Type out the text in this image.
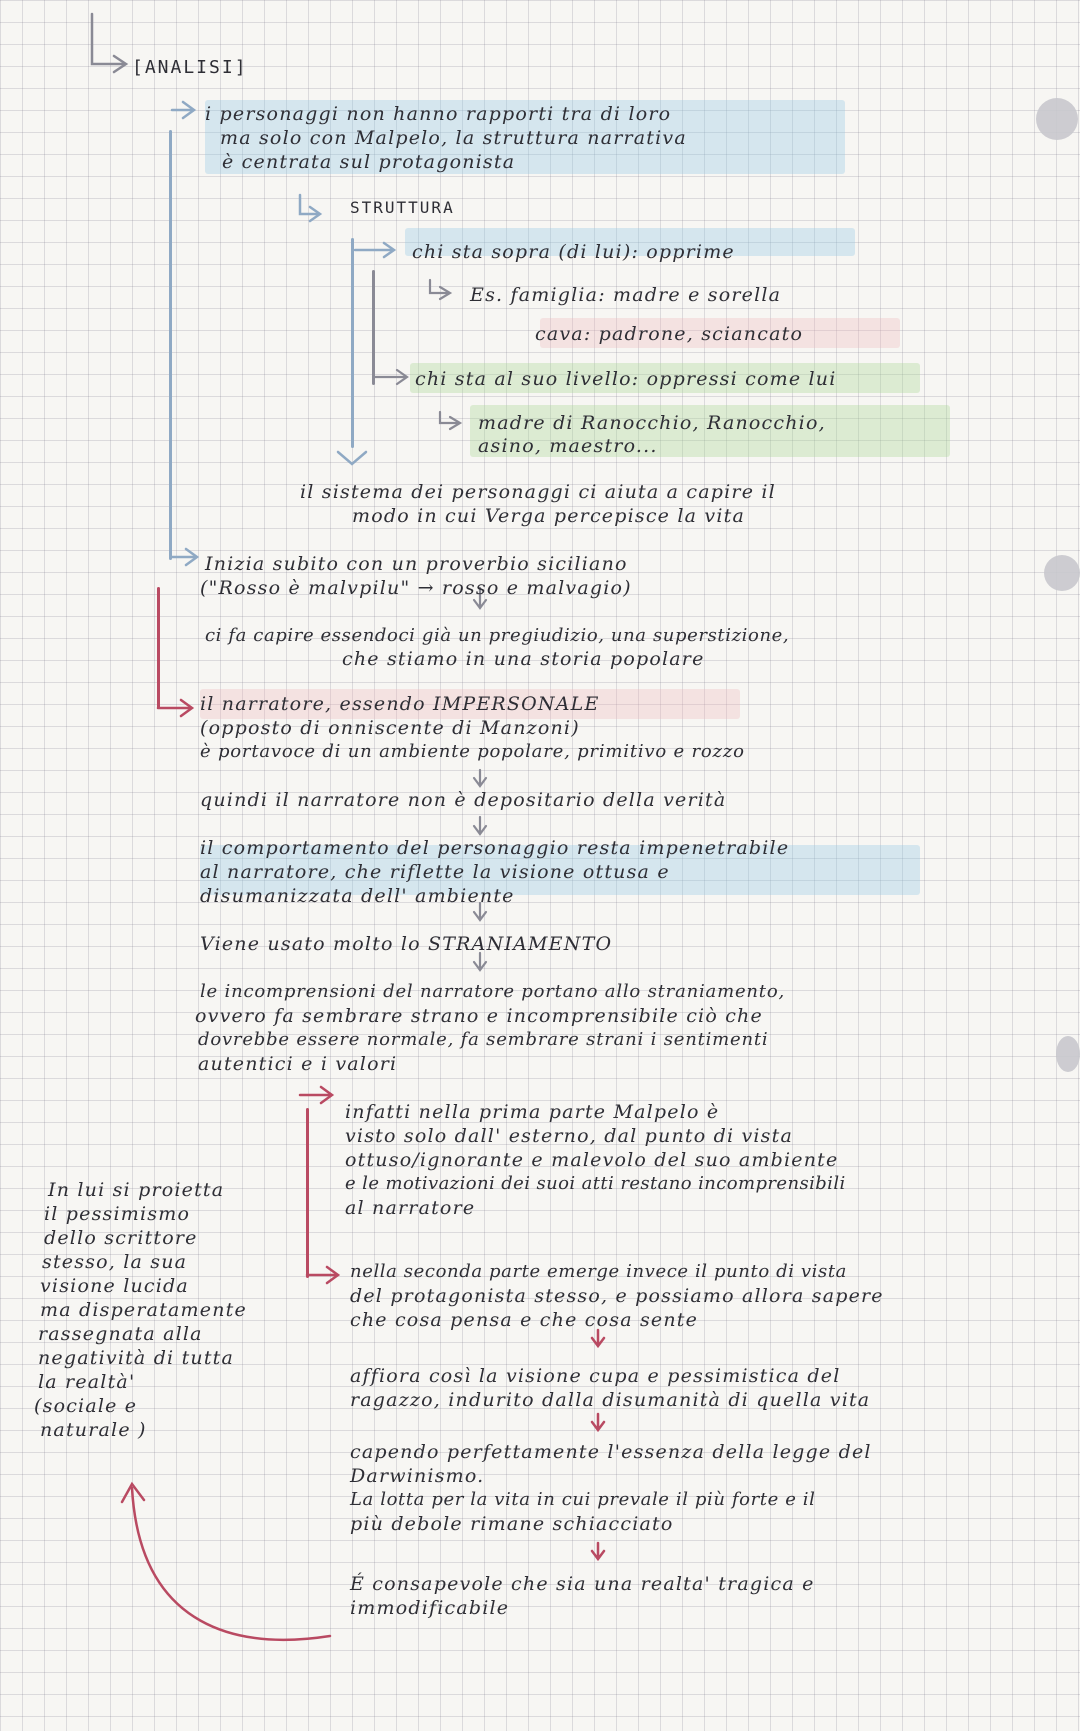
[ANALISI]

i personaggi non hanno rapporti tra di loro

ma solo con Malpelo, la struttura narrativa

è centrata sul protagonista

STRUTTURA

chi sta sopra (di lui): opprime

Es. famiglia: madre e sorella

cava: padrone, sciancato

chi sta al suo livello: oppressi come lui

madre di Ranocchio, Ranocchio,

asino, maestro...

il sistema dei personaggi ci aiuta a capire il

modo in cui Verga percepisce la vita

Inizia subito con un proverbio siciliano

("Rosso è malvpilu" → rosso e malvagio)

ci fa capire essendoci già un pregiudizio, una superstizione,

che stiamo in una storia popolare

il narratore, essendo IMPERSONALE

(opposto di onniscente di Manzoni)

è portavoce di un ambiente popolare, primitivo e rozzo

quindi il narratore non è depositario della verità

il comportamento del personaggio resta impenetrabile

al narratore, che riflette la visione ottusa e

disumanizzata dell' ambiente

Viene usato molto lo STRANIAMENTO

le incomprensioni del narratore portano allo straniamento,

ovvero fa sembrare strano e incomprensibile ciò che

dovrebbe essere normale, fa sembrare strani i sentimenti

autentici e i valori

infatti nella prima parte Malpelo è

visto solo dall' esterno, dal punto di vista

ottuso/ignorante e malevolo del suo ambiente

e le motivazioni dei suoi atti restano incomprensibili

al narratore

nella seconda parte emerge invece il punto di vista

del protagonista stesso, e possiamo allora sapere

che cosa pensa e che cosa sente

affiora così la visione cupa e pessimistica del

ragazzo, indurito dalla disumanità di quella vita

capendo perfettamente l'essenza della legge del

Darwinismo.

La lotta per la vita in cui prevale il più forte e il

più debole rimane schiacciato

É consapevole che sia una realta' tragica e

immodificabile

In lui si proietta

il pessimismo

dello scrittore

stesso, la sua

visione lucida

ma disperatamente

rassegnata alla

negatività di tutta

la realtà'

(sociale e

naturale )
